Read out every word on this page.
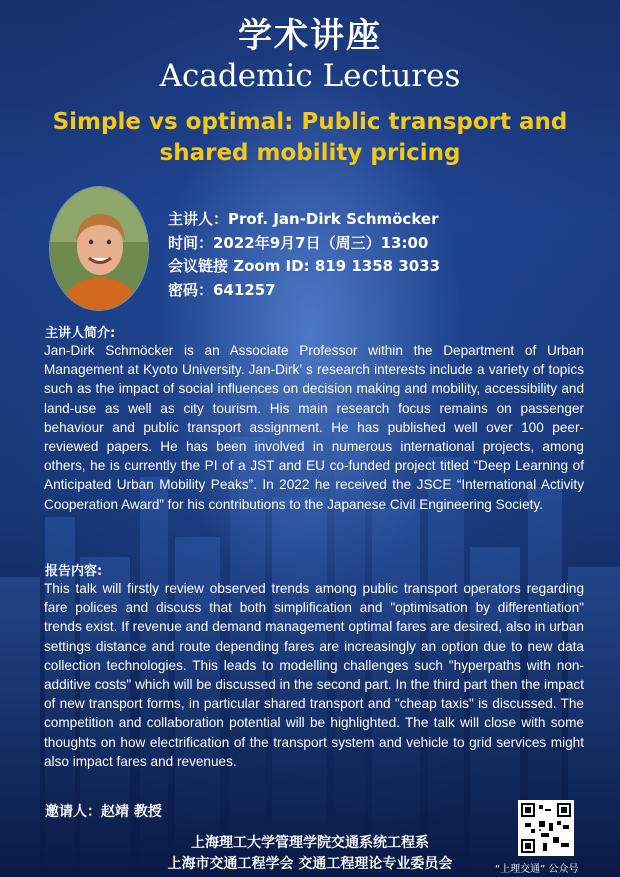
学术讲座
Academic Lectures
Simple vs optimal: Public transport and
shared mobility pricing
主讲人：Prof. Jan-Dirk Schmöcker
时间：2022年9月7日（周三）13:00
会议链接 Zoom ID: 819 1358 3033
密码：641257
主讲人简介:
Jan-Dirk Schmöcker is an Associate Professor within the Department of Urban Management at Kyoto University. Jan-Dirk’ s research interests include a variety of topics such as the impact of social influences on decision making and mobility, accessibility and land-use as well as city tourism. His main research focus remains on passenger behaviour and public transport assignment. He has published well over 100 peer-reviewed papers. He has been involved in numerous international projects, among others, he is currently the PI of a JST and EU co-funded project titled “Deep Learning of Anticipated Urban Mobility Peaks”. In 2022 he received the JSCE “International Activity Cooperation Award” for his contributions to the Japanese Civil Engineering Society.
报告内容:
This talk will firstly review observed trends among public transport operators regarding fare polices and discuss that both simplification and "optimisation by differentiation" trends exist. If revenue and demand management optimal fares are desired, also in urban settings distance and route depending fares are increasingly an option due to new data collection technologies. This leads to modelling challenges such "hyperpaths with non-additive costs" which will be discussed in the second part. In the third part then the impact of new transport forms, in particular shared transport and "cheap taxis" is discussed. The competition and collaboration potential will be highlighted. The talk will close with some thoughts on how electrification of the transport system and vehicle to grid services might also impact fares and revenues.
邀请人：赵靖 教授
上海理工大学管理学院交通系统工程系
上海市交通工程学会 交通工程理论专业委员会	“上理交通” 公众号
